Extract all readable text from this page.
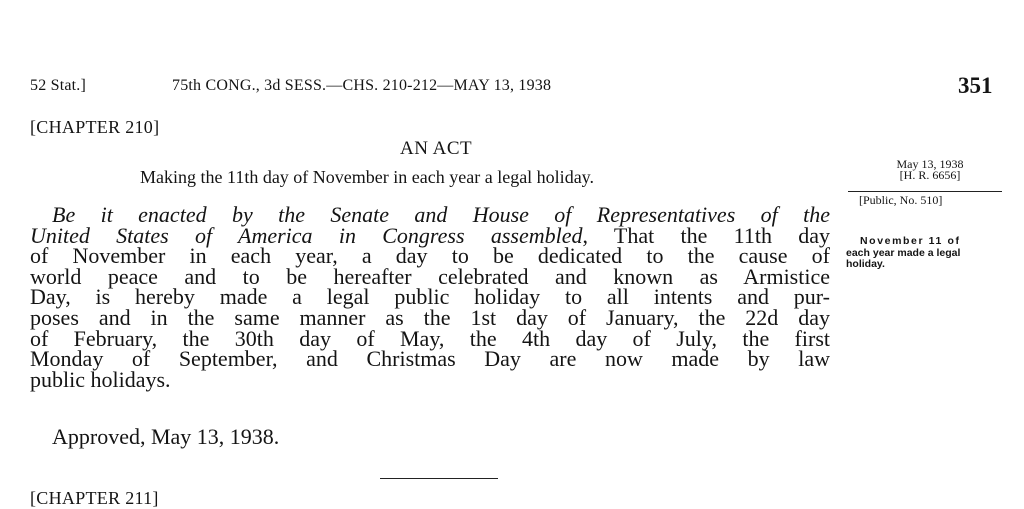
52 Stat.]	75th CONG., 3d SESS.—CHS. 210-212—MAY 13, 1938	351
[CHAPTER 210]
AN ACT
Making the 11th day of November in each year a legal holiday.
May 13, 1938
[H. R. 6656]
[Public, No. 510]
November 11 of
each year made a legal
holiday.
Be it enacted by the Senate and House of Representatives of the
United States of America in Congress assembled, That the 11th day
of November in each year, a day to be dedicated to the cause of
world peace and to be hereafter celebrated and known as Armistice
Day, is hereby made a legal public holiday to all intents and pur-
poses and in the same manner as the 1st day of January, the 22d day
of February, the 30th day of May, the 4th day of July, the first
Monday of September, and Christmas Day are now made by law
public holidays.
Approved, May 13, 1938.
[CHAPTER 211]
